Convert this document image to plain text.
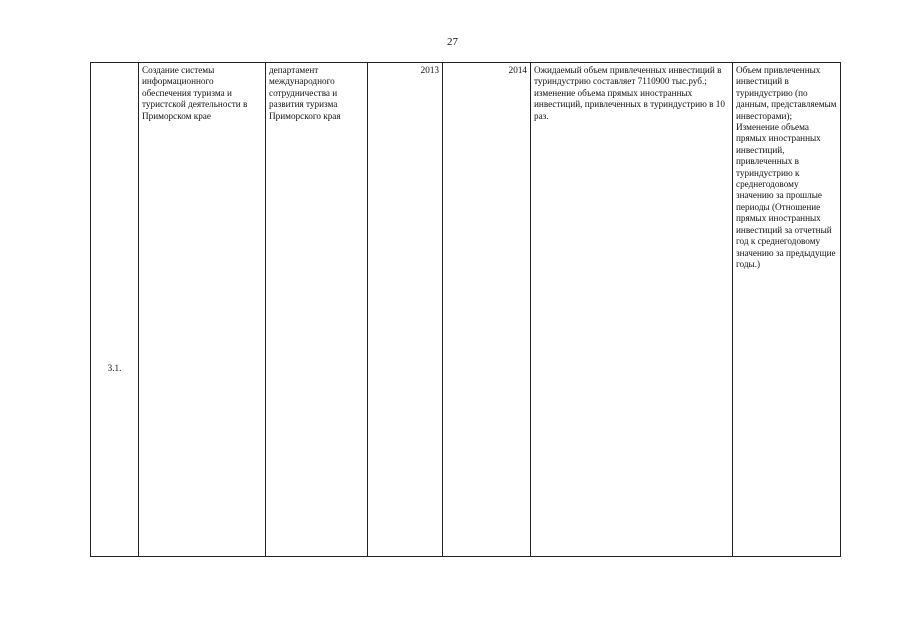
27
3.1.	Создание системы информационного обеспечения туризма и туристской деятельности в Приморском крае	департамент международного сотрудничества и развития туризма Приморского края	2013	2014	Ожидаемый объем привлеченных инвестиций в туриндустрию составляет 7110900 тыс.руб.; изменение объема прямых иностранных инвестиций, привлеченных в туриндустрию в 10 раз.	Объем привлеченных инвестиций в туриндустрию (по данным, представляемым инвесторами); Изменение объема прямых иностранных инвестиций, привлеченных в туриндустрию к среднегодовому значению за прошлые периоды (Отношение прямых иностранных инвестиций за отчетный год к среднегодовому значению за предыдущие годы.)
